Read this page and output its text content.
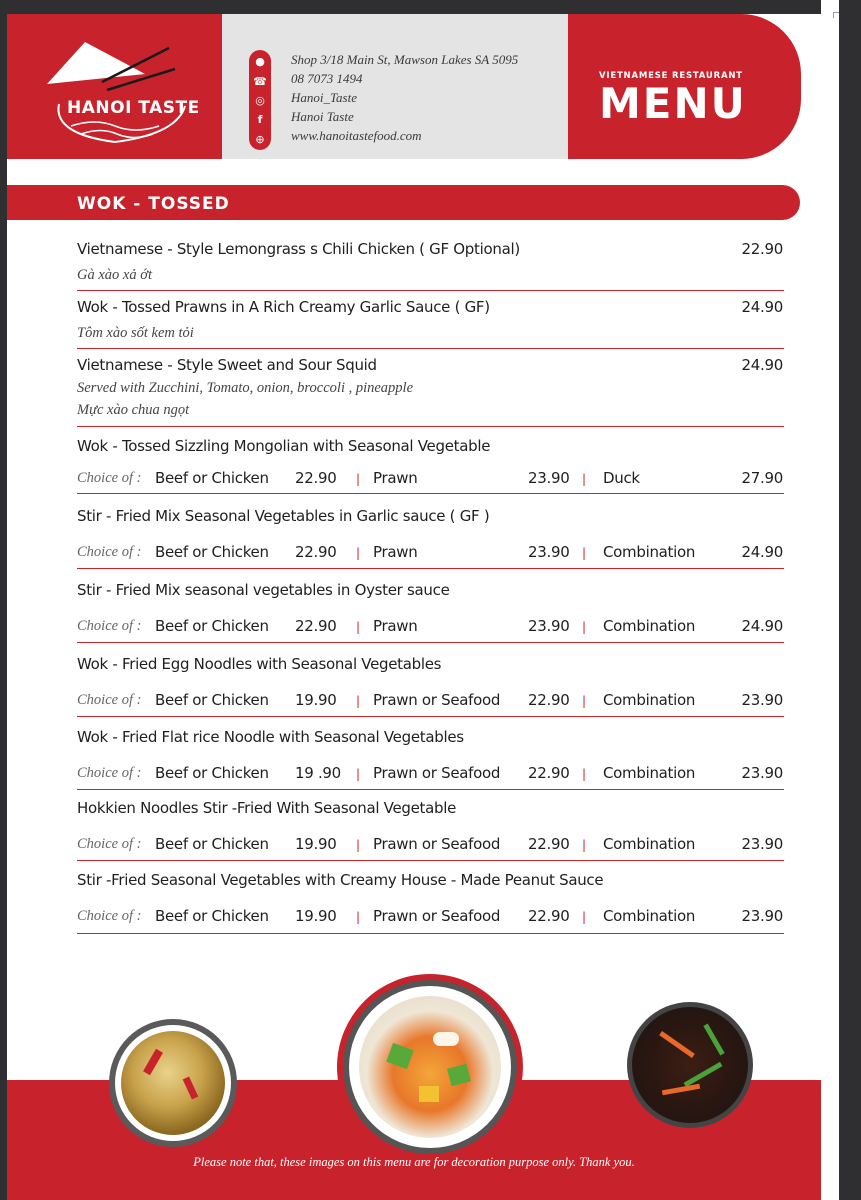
HANOI TASTE
●
☎
◎
f
⊕
Shop 3/18 Main St, Mawson Lakes SA 5095
08 7073 1494
Hanoi_Taste
Hanoi Taste
www.hanoitastefood.com
VIETNAMESE RESTAURANT
MENU
WOK - TOSSED
Vietnamese - Style Lemongrass s Chili Chicken ( GF Optional)	22.90
Gà xào xả ớt
Wok - Tossed Prawns in A Rich Creamy Garlic Sauce ( GF)	24.90
Tôm xào sốt kem tỏi
Vietnamese - Style Sweet and Sour Squid	24.90
Served with Zucchini, Tomato, onion, broccoli , pineapple
Mực xào chua ngọt
Wok - Tossed Sizzling Mongolian with Seasonal Vegetable
Choice of : Beef or Chicken 22.90 | Prawn	23.90 | Duck	27.90
Stir - Fried Mix Seasonal Vegetables in Garlic sauce ( GF )
Choice of : Beef or Chicken 22.90 | Prawn	23.90 | Combination	24.90
Stir - Fried Mix seasonal vegetables in Oyster sauce
Choice of : Beef or Chicken 22.90 | Prawn	23.90 | Combination	24.90
Wok - Fried Egg Noodles with Seasonal Vegetables
Choice of : Beef or Chicken 19.90 | Prawn or Seafood 22.90 | Combination	23.90
Wok - Fried Flat rice Noodle with Seasonal Vegetables
Choice of : Beef or Chicken 19 .90 | Prawn or Seafood 22.90 | Combination	23.90
Hokkien Noodles Stir -Fried With Seasonal Vegetable
Choice of : Beef or Chicken 19.90 | Prawn or Seafood 22.90 | Combination	23.90
Stir -Fried Seasonal Vegetables with Creamy House - Made Peanut Sauce
Choice of : Beef or Chicken 19.90 | Prawn or Seafood 22.90 | Combination	23.90
Please note that, these images on this menu are for decoration purpose only. Thank you.
